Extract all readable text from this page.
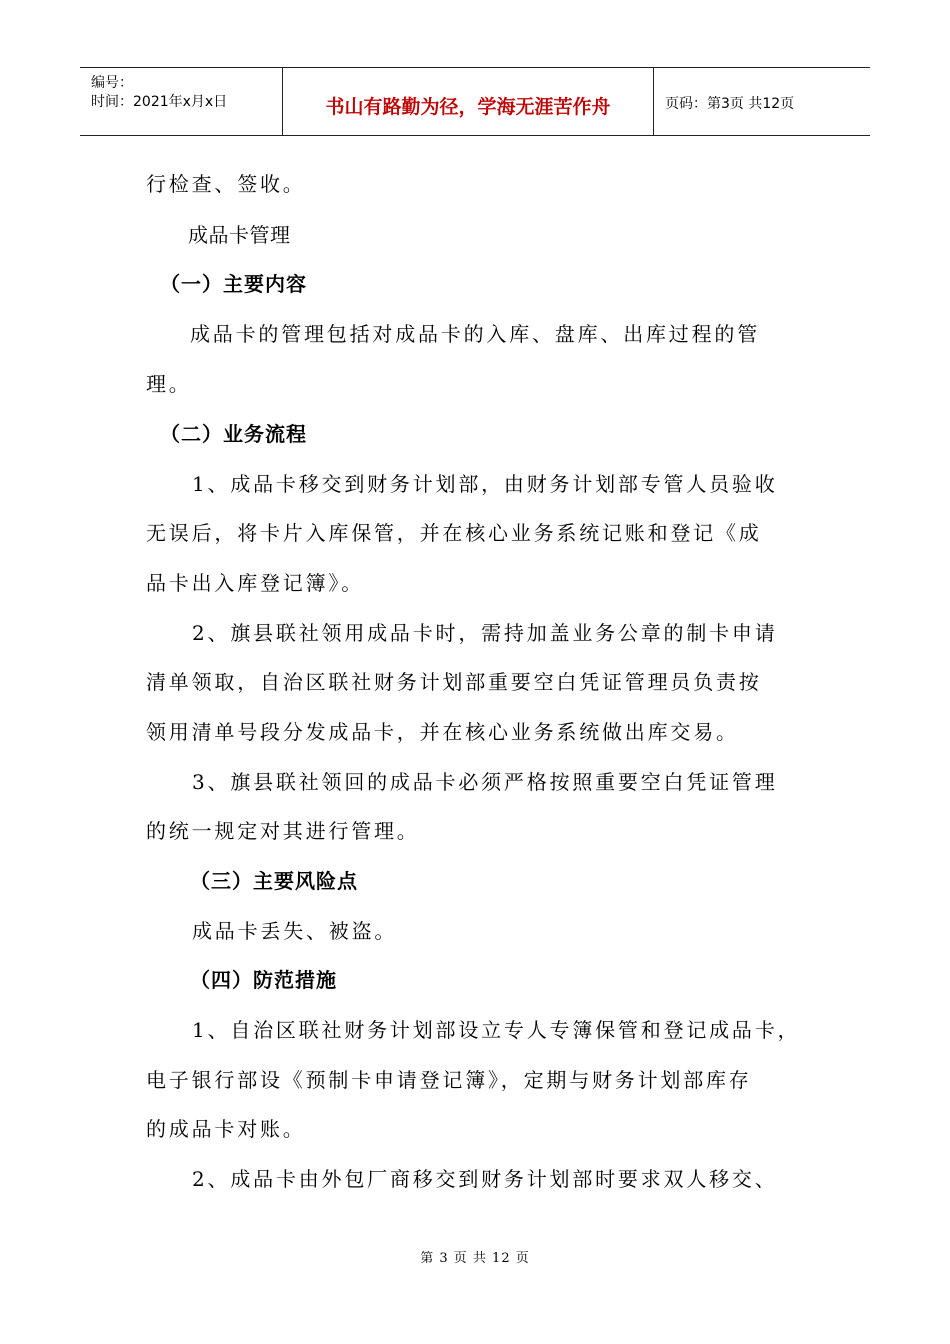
编号：
时间：2021年x月x日	书山有路勤为径，学海无涯苦作舟	页码：第3页 共12页
行检查、签收。
成品卡管理
（一）主要内容
成品卡的管理包括对成品卡的入库、盘库、出库过程的管
理。
（二）业务流程
1、成品卡移交到财务计划部，由财务计划部专管人员验收
无误后，将卡片入库保管，并在核心业务系统记账和登记《成
品卡出入库登记簿》。
2、旗县联社领用成品卡时，需持加盖业务公章的制卡申请
清单领取，自治区联社财务计划部重要空白凭证管理员负责按
领用清单号段分发成品卡，并在核心业务系统做出库交易。
3、旗县联社领回的成品卡必须严格按照重要空白凭证管理
的统一规定对其进行管理。
（三）主要风险点
成品卡丢失、被盗。
（四）防范措施
1、自治区联社财务计划部设立专人专簿保管和登记成品卡，
电子银行部设《预制卡申请登记簿》，定期与财务计划部库存
的成品卡对账。
2、成品卡由外包厂商移交到财务计划部时要求双人移交、
第 3 页 共 12 页
